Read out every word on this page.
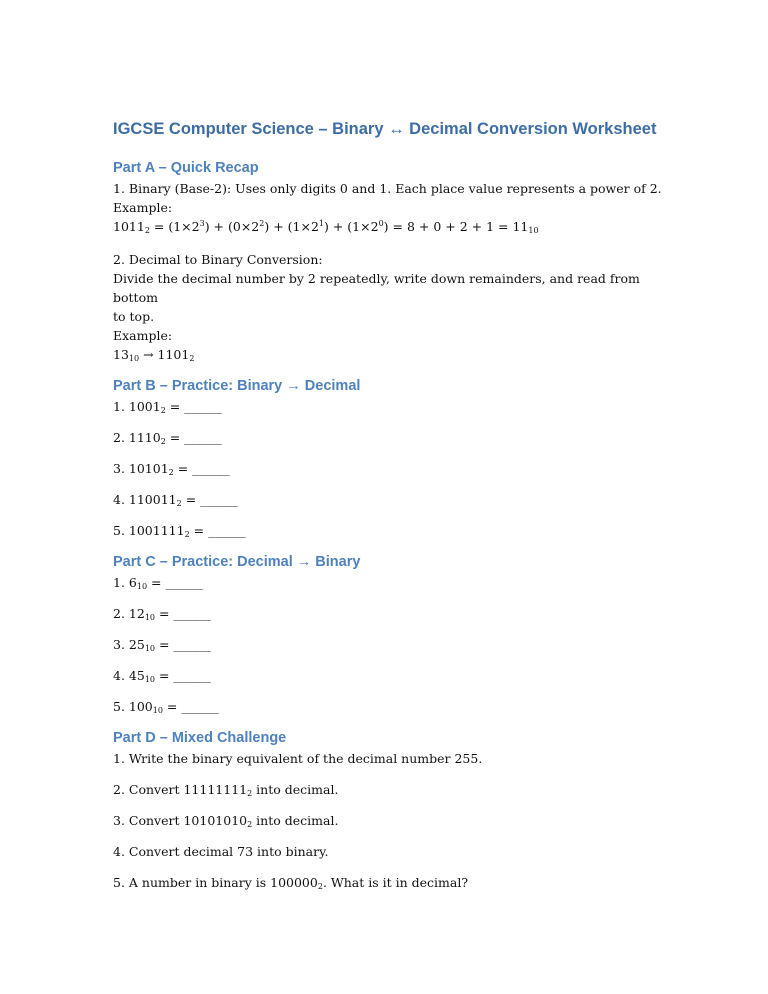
IGCSE Computer Science – Binary ↔ Decimal Conversion Worksheet
Part A – Quick Recap

1. Binary (Base-2): Uses only digits 0 and 1. Each place value represents a power of 2.

Example:

$1011_2 = (1\times 2^3) + (0\times 2^2) + (1\times 2^1) + (1\times 2^0) = 8 + 0 + 2 + 1 = 11_{10}$

2. Decimal to Binary Conversion:

Divide the decimal number by 2 repeatedly, write down remainders, and read from bottom

to top.

Example:

$13_{10} \to 1101_2$

Part B – Practice: Binary → Decimal

1. $1001_2$ = ______

2. $1110_2$ = ______

3. $10101_2$ = ______

4. $110011_2$ = ______

5. $1001111_2$ = ______

Part C – Practice: Decimal → Binary

1. $6_{10}$ = ______

2. $12_{10}$ = ______

3. $25_{10}$ = ______

4. $45_{10}$ = ______

5. $100_{10}$ = ______

Part D – Mixed Challenge

1. Write the binary equivalent of the decimal number 255.

2. Convert $11111111_2$ into decimal.

3. Convert $10101010_2$ into decimal.

4. Convert decimal 73 into binary.

5. A number in binary is $100000_2$. What is it in decimal?
